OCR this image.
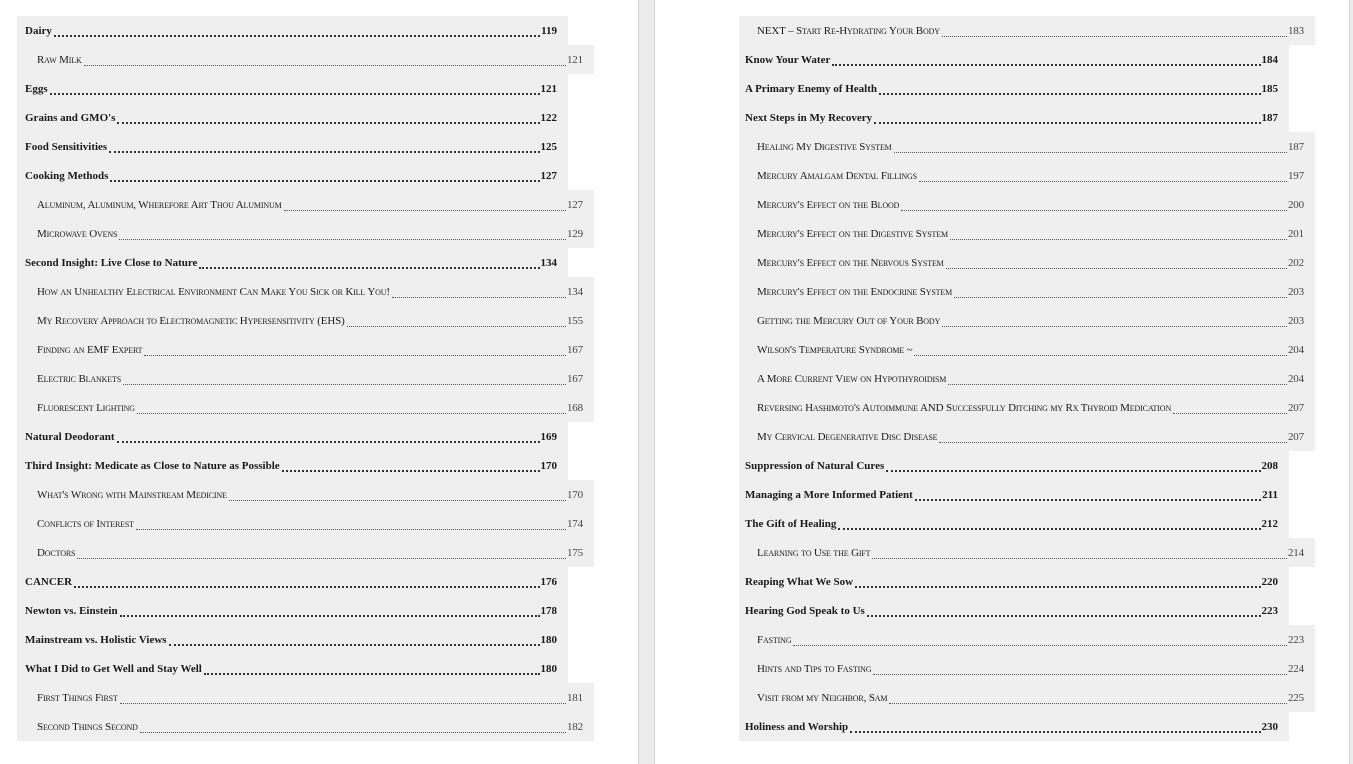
Dairy	119
Raw Milk	121
Eggs	121
Grains and GMO's	122
Food Sensitivities	125
Cooking Methods	127
Aluminum, Aluminum, Wherefore Art Thou Aluminum	127
Microwave Ovens	129
Second Insight: Live Close to Nature	134
How an Unhealthy Electrical Environment Can Make You Sick or Kill You!	134
My Recovery Approach to Electromagnetic Hypersensitivity (EHS)	155
Finding an EMF Expert	167
Electric Blankets	167
Fluorescent Lighting	168
Natural Deodorant	169
Third Insight: Medicate as Close to Nature as Possible	170
What's Wrong with Mainstream Medicine	170
Conflicts of Interest	174
Doctors	175
CANCER	176
Newton vs. Einstein	178
Mainstream vs. Holistic Views	180
What I Did to Get Well and Stay Well	180
First Things First	181
Second Things Second	182
NEXT – Start Re-Hydrating Your Body	183
Know Your Water	184
A Primary Enemy of Health	185
Next Steps in My Recovery	187
Healing My Digestive System	187
Mercury Amalgam Dental Fillings	197
Mercury's Effect on the Blood	200
Mercury's Effect on the Digestive System	201
Mercury's Effect on the Nervous System	202
Mercury's Effect on the Endocrine System	203
Getting the Mercury Out of Your Body	203
Wilson's Temperature Syndrome ~	204
A More Current View on Hypothyroidism	204
Reversing Hashimoto's Autoimmune AND Successfully Ditching my Rx Thyroid Medication	207
My Cervical Degenerative Disc Disease	207
Suppression of Natural Cures	208
Managing a More Informed Patient	211
The Gift of Healing	212
Learning to Use the Gift	214
Reaping What We Sow	220
Hearing God Speak to Us	223
Fasting	223
Hints and Tips to Fasting	224
Visit from my Neighbor, Sam	225
Holiness and Worship	230
